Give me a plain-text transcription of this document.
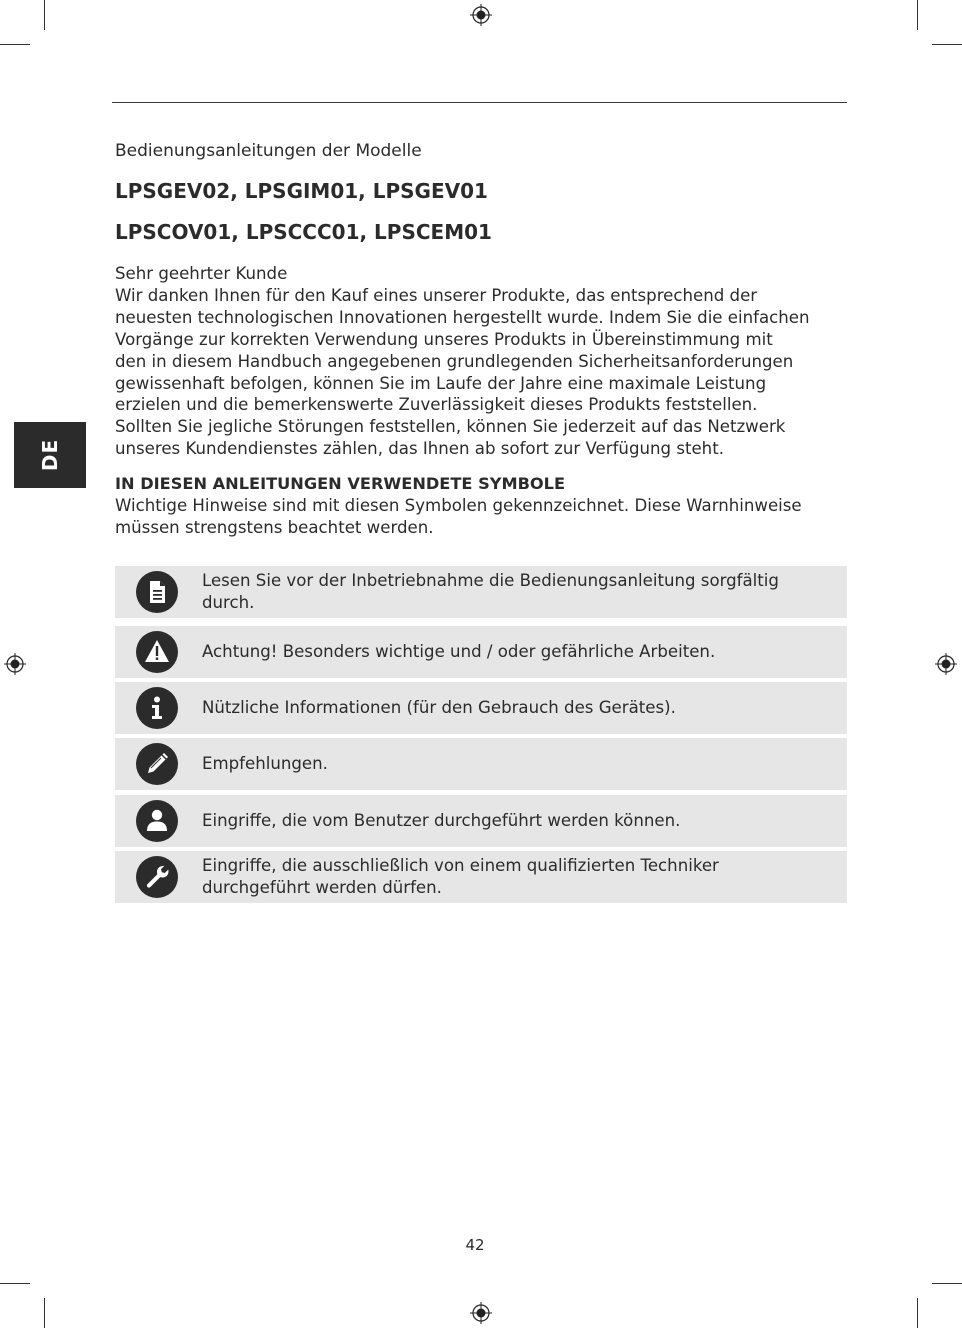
DE
Bedienungsanleitungen der Modelle
LPSGEV02, LPSGIM01, LPSGEV01
LPSCOV01, LPSCCC01, LPSCEM01
Sehr geehrter Kunde
Wir danken Ihnen für den Kauf eines unserer Produkte, das entsprechend der
neuesten technologischen Innovationen hergestellt wurde. Indem Sie die einfachen
Vorgänge zur korrekten Verwendung unseres Produkts in Übereinstimmung mit
den in diesem Handbuch angegebenen grundlegenden Sicherheitsanforderungen
gewissenhaft befolgen, können Sie im Laufe der Jahre eine maximale Leistung
erzielen und die bemerkenswerte Zuverlässigkeit dieses Produkts feststellen.
Sollten Sie jegliche Störungen feststellen, können Sie jederzeit auf das Netzwerk
unseres Kundendienstes zählen, das Ihnen ab sofort zur Verfügung steht.
IN DIESEN ANLEITUNGEN VERWENDETE SYMBOLE
Wichtige Hinweise sind mit diesen Symbolen gekennzeichnet. Diese Warnhinweise
müssen strengstens beachtet werden.
Lesen Sie vor der Inbetriebnahme die Bedienungsanleitung sorgfältig
durch.
Achtung! Besonders wichtige und / oder gefährliche Arbeiten.
Nützliche Informationen (für den Gebrauch des Gerätes).
Empfehlungen.
Eingriffe, die vom Benutzer durchgeführt werden können.
Eingriffe, die ausschließlich von einem qualifizierten Techniker
durchgeführt werden dürfen.
42
